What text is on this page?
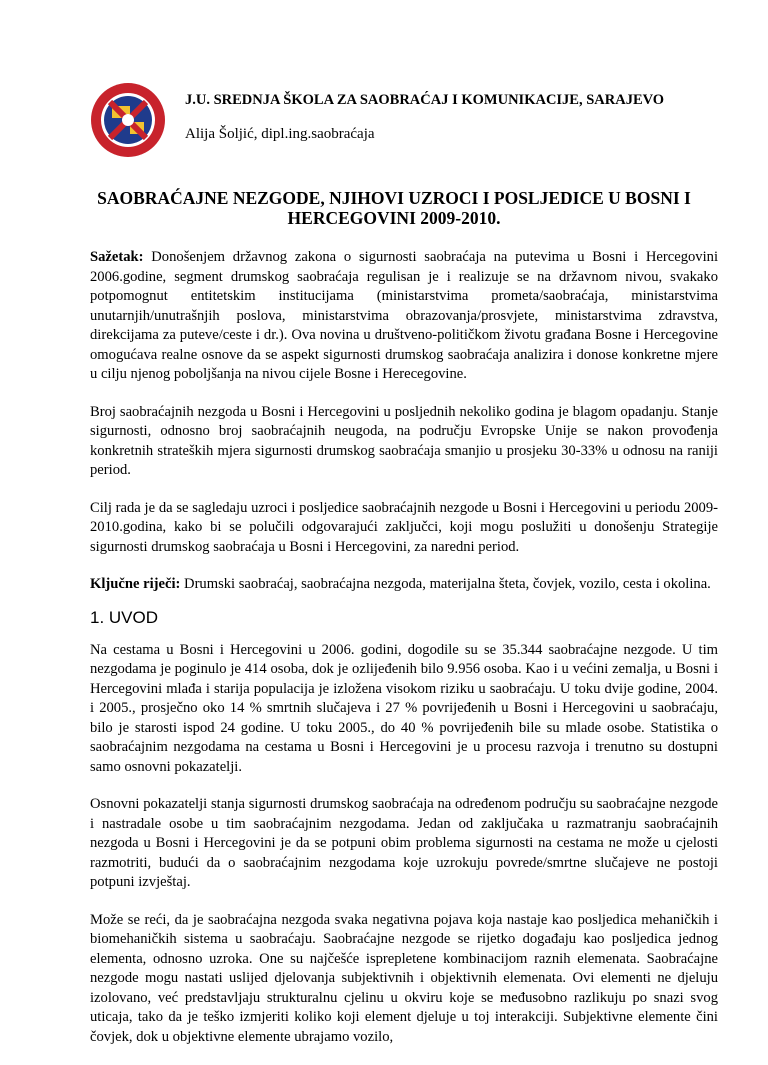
J.U. SREDNJA ŠKOLA ZA SAOBRAĆAJ I KOMUNIKACIJE, SARAJEVO
Alija Šoljić, dipl.ing.saobraćaja
SAOBRAĆAJNE NEZGODE, NJIHOVI UZROCI I POSLJEDICE U BOSNI I HERCEGOVINI 2009-2010.

Sažetak: Donošenjem državnog zakona o sigurnosti saobraćaja na putevima u Bosni i Hercegovini 2006.godine, segment drumskog saobraćaja regulisan je i realizuje se na državnom nivou, svakako potpomognut entitetskim institucijama (ministarstvima prometa/saobraćaja, ministarstvima unutarnjih/unutrašnjih poslova, ministarstvima obrazovanja/prosvjete, ministarstvima zdravstva, direkcijama za puteve/ceste i dr.). Ova novina u društveno-političkom životu građana Bosne i Hercegovine omogućava realne osnove da se aspekt sigurnosti drumskog saobraćaja analizira i donose konkretne mjere u cilju njenog poboljšanja na nivou cijele Bosne i Herecegovine.

Broj saobraćajnih nezgoda u Bosni i Hercegovini u posljednih nekoliko godina je blagom opadanju. Stanje sigurnosti, odnosno broj saobraćajnih neugoda, na području Evropske Unije se nakon provođenja konkretnih strateških mjera sigurnosti drumskog saobraćaja smanjio u prosjeku 30-33% u odnosu na raniji period.

Cilj rada je da se sagledaju uzroci i posljedice saobraćajnih nezgode u Bosni i Hercegovini u periodu 2009-2010.godina, kako bi se polučili odgovarajući zaključci, koji mogu poslužiti u donošenju Strategije sigurnosti drumskog saobraćaja u Bosni i Hercegovini, za naredni period.

Ključne riječi: Drumski saobraćaj, saobraćajna nezgoda, materijalna šteta, čovjek, vozilo, cesta i okolina.

1. UVOD

Na cestama u Bosni i Hercegovini u 2006. godini, dogodile su se 35.344 saobraćajne nezgode. U tim nezgodama je poginulo je 414 osoba, dok je ozlijeđenih bilo 9.956 osoba. Kao i u većini zemalja, u Bosni i Hercegovini mlađa i starija populacija je izložena visokom riziku u saobraćaju. U toku dvije godine, 2004. i 2005., prosječno oko 14 % smrtnih slučajeva i 27 % povrijeđenih u Bosni i Hercegovini u saobraćaju, bilo je starosti ispod 24 godine. U toku 2005., do 40 % povrijeđenih bile su mlade osobe. Statistika o saobraćajnim nezgodama na cestama u Bosni i Hercegovini je u procesu razvoja i trenutno su dostupni samo osnovni pokazatelji.

Osnovni pokazatelji stanja sigurnosti drumskog saobraćaja na određenom području su saobraćajne nezgode i nastradale osobe u tim saobraćajnim nezgodama. Jedan od zaključaka u razmatranju saobraćajnih nezgoda u Bosni i Hercegovini je da se potpuni obim problema sigurnosti na cestama ne može u cjelosti razmotriti, budući da o saobraćajnim nezgodama koje uzrokuju povrede/smrtne slučajeve ne postoji potpuni izvještaj.

Može se reći, da je saobraćajna nezgoda svaka negativna pojava koja nastaje kao posljedica mehaničkih i biomehaničkih sistema u saobraćaju. Saobraćajne nezgode se rijetko događaju kao posljedica jednog elementa, odnosno uzroka. One su najčešće isprepletene kombinacijom raznih elemenata. Saobraćajne nezgode mogu nastati uslijed djelovanja subjektivnih i objektivnih elemenata. Ovi elementi ne djeluju izolovano, već predstavljaju strukturalnu cjelinu u okviru koje se međusobno razlikuju po snazi svog uticaja, tako da je teško izmjeriti koliko koji element djeluje u toj interakciji. Subjektivne elemente čini čovjek, dok u objektivne elemente ubrajamo vozilo,
